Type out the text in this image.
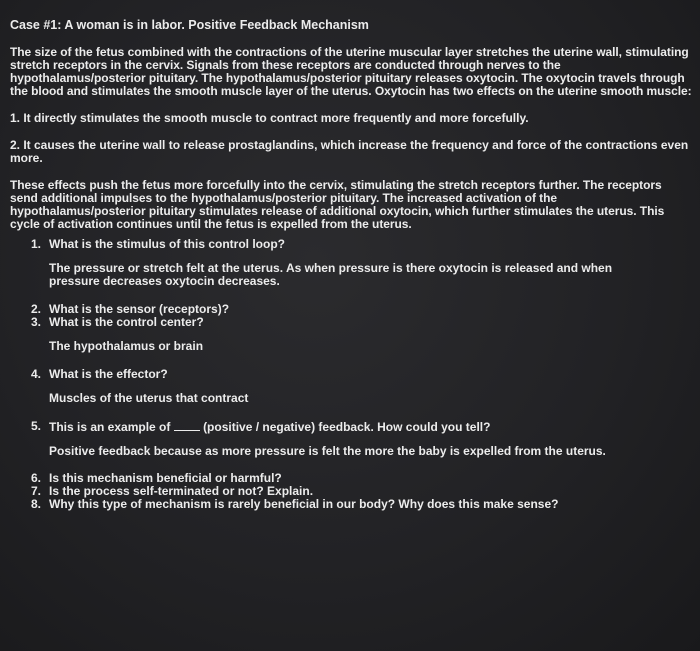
Case #1: A woman is in labor. Positive Feedback Mechanism
The size of the fetus combined with the contractions of the uterine muscular layer stretches the uterine wall, stimulating stretch receptors in the cervix. Signals from these receptors are conducted through nerves to the hypothalamus/posterior pituitary. The hypothalamus/posterior pituitary releases oxytocin. The oxytocin travels through the blood and stimulates the smooth muscle layer of the uterus. Oxytocin has two effects on the uterine smooth muscle:
1. It directly stimulates the smooth muscle to contract more frequently and more forcefully.
2. It causes the uterine wall to release prostaglandins, which increase the frequency and force of the contractions even more.
These effects push the fetus more forcefully into the cervix, stimulating the stretch receptors further. The receptors send additional impulses to the hypothalamus/posterior pituitary. The increased activation of the hypothalamus/posterior pituitary stimulates release of additional oxytocin, which further stimulates the uterus. This cycle of activation continues until the fetus is expelled from the uterus.
1. What is the stimulus of this control loop?
The pressure or stretch felt at the uterus. As when pressure is there oxytocin is released and when pressure decreases oxytocin decreases.
2. What is the sensor (receptors)?
3. What is the control center?
The hypothalamus or brain
4. What is the effector?
Muscles of the uterus that contract
5. This is an example of	(positive / negative) feedback. How could you tell?
Positive feedback because as more pressure is felt the more the baby is expelled from the uterus.
6. Is this mechanism beneficial or harmful?
7. Is the process self-terminated or not? Explain.
8. Why this type of mechanism is rarely beneficial in our body? Why does this make sense?
